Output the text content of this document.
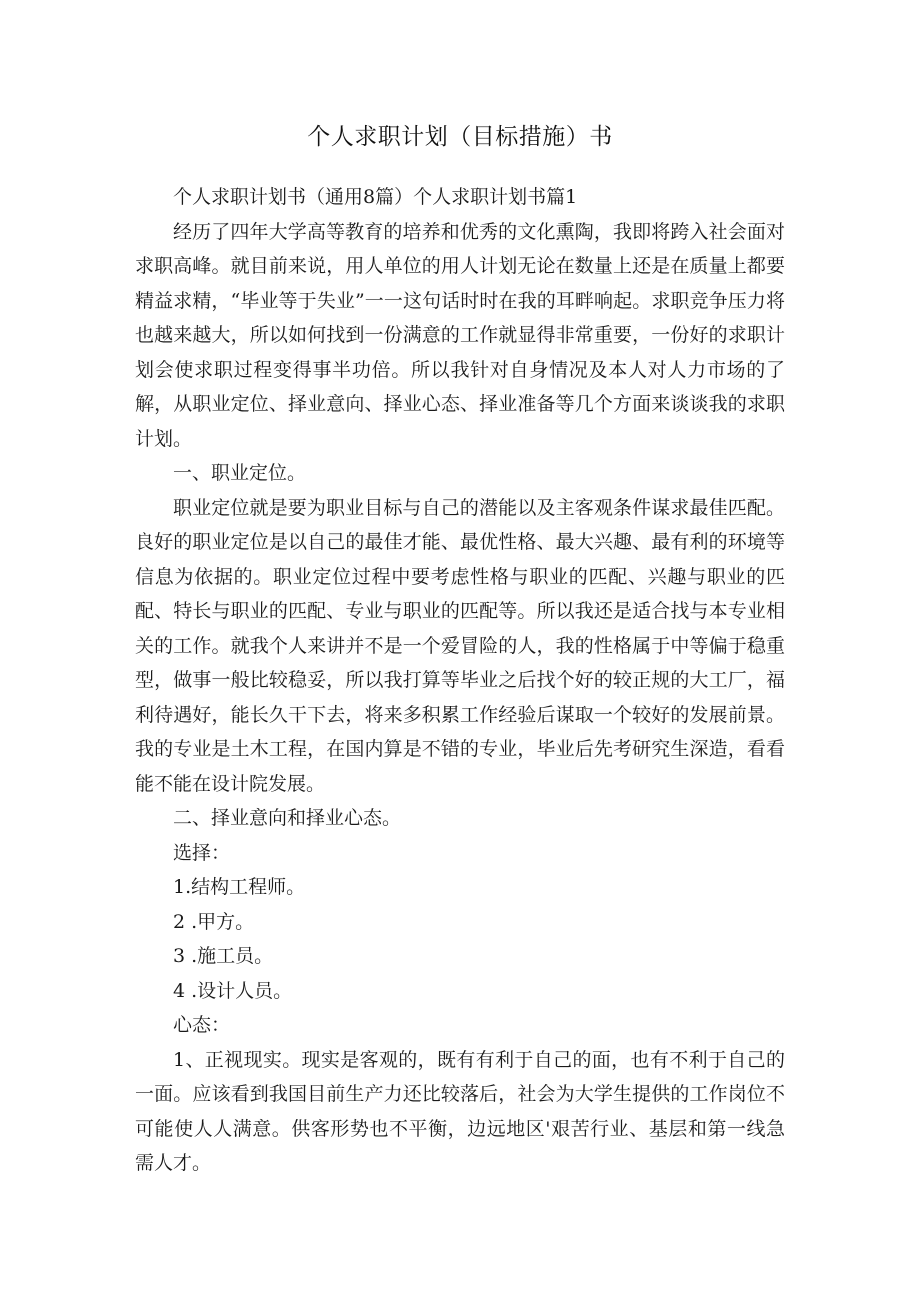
个人求职计划（目标措施）书

个人求职计划书（通用8篇）个人求职计划书篇1

经历了四年大学高等教育的培养和优秀的文化熏陶，我即将跨入社会面对求职高峰。就目前来说，用人单位的用人计划无论在数量上还是在质量上都要精益求精，“毕业等于失业”一一这句话时时在我的耳畔响起。求职竞争压力将也越来越大，所以如何找到一份满意的工作就显得非常重要，一份好的求职计划会使求职过程变得事半功倍。所以我针对自身情况及本人对人力市场的了解，从职业定位、择业意向、择业心态、择业准备等几个方面来谈谈我的求职计划。

一、职业定位。

职业定位就是要为职业目标与自己的潜能以及主客观条件谋求最佳匹配。良好的职业定位是以自己的最佳才能、最优性格、最大兴趣、最有利的环境等信息为依据的。职业定位过程中要考虑性格与职业的匹配、兴趣与职业的匹配、特长与职业的匹配、专业与职业的匹配等。所以我还是适合找与本专业相关的工作。就我个人来讲并不是一个爱冒险的人，我的性格属于中等偏于稳重型，做事一般比较稳妥，所以我打算等毕业之后找个好的较正规的大工厂，福利待遇好，能长久干下去，将来多积累工作经验后谋取一个较好的发展前景。我的专业是土木工程，在国内算是不错的专业，毕业后先考研究生深造，看看能不能在设计院发展。

二、择业意向和择业心态。

选择：

1.结构工程师。

2 .甲方。

3 .施工员。

4 .设计人员。

心态：

1、正视现实。现实是客观的，既有有利于自己的面，也有不利于自己的一面。应该看到我国目前生产力还比较落后，社会为大学生提供的工作岗位不可能使人人满意。供客形势也不平衡，边远地区'艰苦行业、基层和第一线急需人才。
